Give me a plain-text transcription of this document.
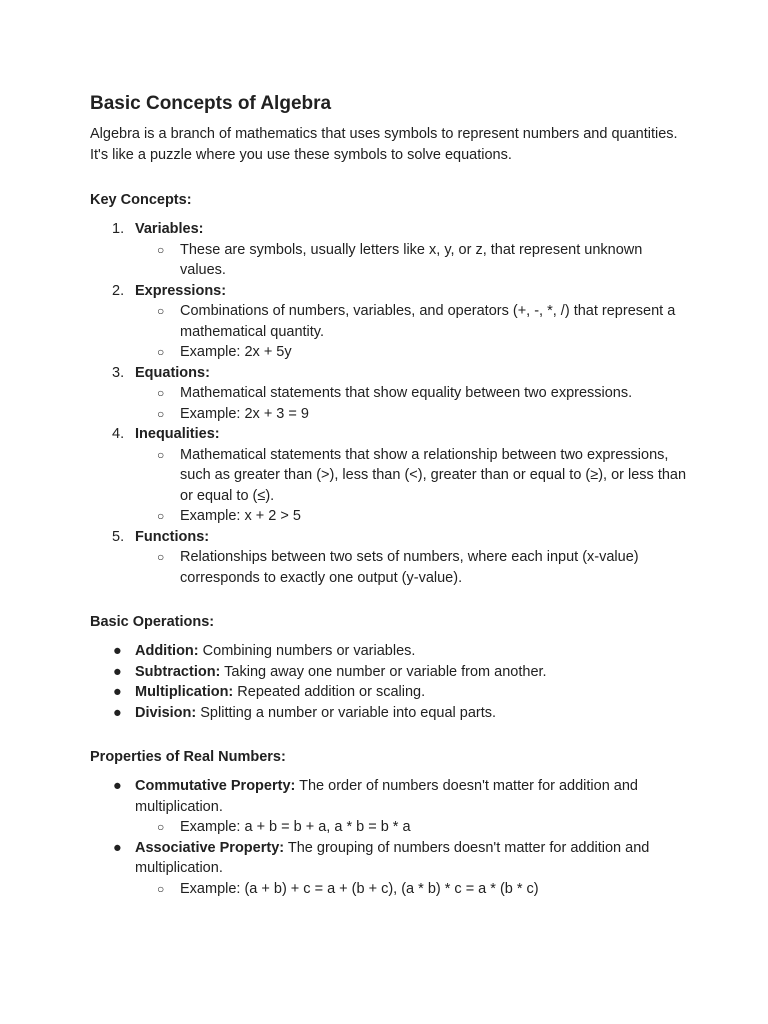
Basic Concepts of Algebra

Algebra is a branch of mathematics that uses symbols to represent numbers and quantities. It's like a puzzle where you use these symbols to solve equations.

Key Concepts:
1. Variables:
○ These are symbols, usually letters like x, y, or z, that represent unknown values.
2. Expressions:
○ Combinations of numbers, variables, and operators (+, -, *, /) that represent a mathematical quantity.
○ Example: 2x + 5y
3. Equations:
○ Mathematical statements that show equality between two expressions.
○ Example: 2x + 3 = 9
4. Inequalities:
○ Mathematical statements that show a relationship between two expressions, such as greater than (>), less than (<), greater than or equal to (≥), or less than or equal to (≤).
○ Example: x + 2 > 5
5. Functions:
○ Relationships between two sets of numbers, where each input (x-value) corresponds to exactly one output (y-value).
Basic Operations:
● Addition: Combining numbers or variables.
● Subtraction: Taking away one number or variable from another.
● Multiplication: Repeated addition or scaling.
● Division: Splitting a number or variable into equal parts.
Properties of Real Numbers:
● Commutative Property: The order of numbers doesn't matter for addition and multiplication.
○ Example: a + b = b + a, a * b = b * a
● Associative Property: The grouping of numbers doesn't matter for addition and multiplication.
○ Example: (a + b) + c = a + (b + c), (a * b) * c = a * (b * c)
